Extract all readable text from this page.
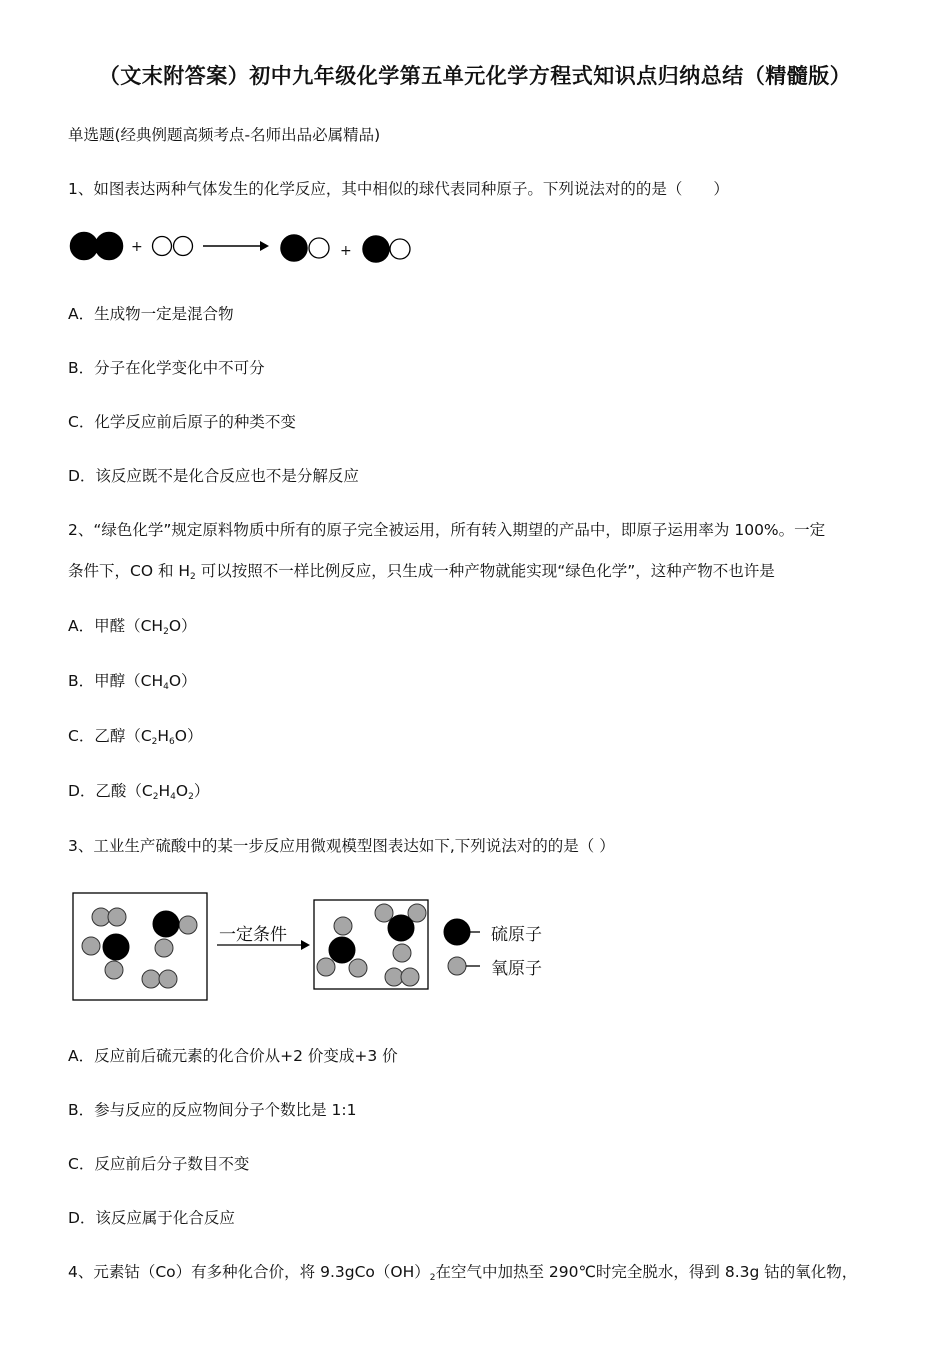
（文末附答案）初中九年级化学第五单元化学方程式知识点归纳总结（精髓版）
单选题(经典例题高频考点-名师出品必属精品)
1、如图表达两种气体发生的化学反应，其中相似的球代表同种原子。下列说法对的的是（　　）
+	+
A．生成物一定是混合物
B．分子在化学变化中不可分
C．化学反应前后原子的种类不变
D．该反应既不是化合反应也不是分解反应
2、“绿色化学”规定原料物质中所有的原子完全被运用，所有转入期望的产品中，即原子运用率为 100%。一定
条件下，CO 和 $H_2$ 可以按照不一样比例反应，只生成一种产物就能实现“绿色化学”，这种产物不也许是
A．甲醛$(CH_2O)$
B．甲醇$(CH_4O)$
C．乙醇$(C_2H_6O)$
D．乙酸$(C_2H_4O_2)$
3、工业生产硫酸中的某一步反应用微观模型图表达如下,下列说法对的的是（ ）
一定条件	硫原子
氧原子
A．反应前后硫元素的化合价从+2 价变成+3 价
B．参与反应的反应物间分子个数比是 1:1
C．反应前后分子数目不变
D．该反应属于化合反应
4、元素钴（Co）有多种化合价，将 $9.3gCo(OH)_2$在空气中加热至 290℃时完全脱水，得到 8.3g 钴的氧化物，
